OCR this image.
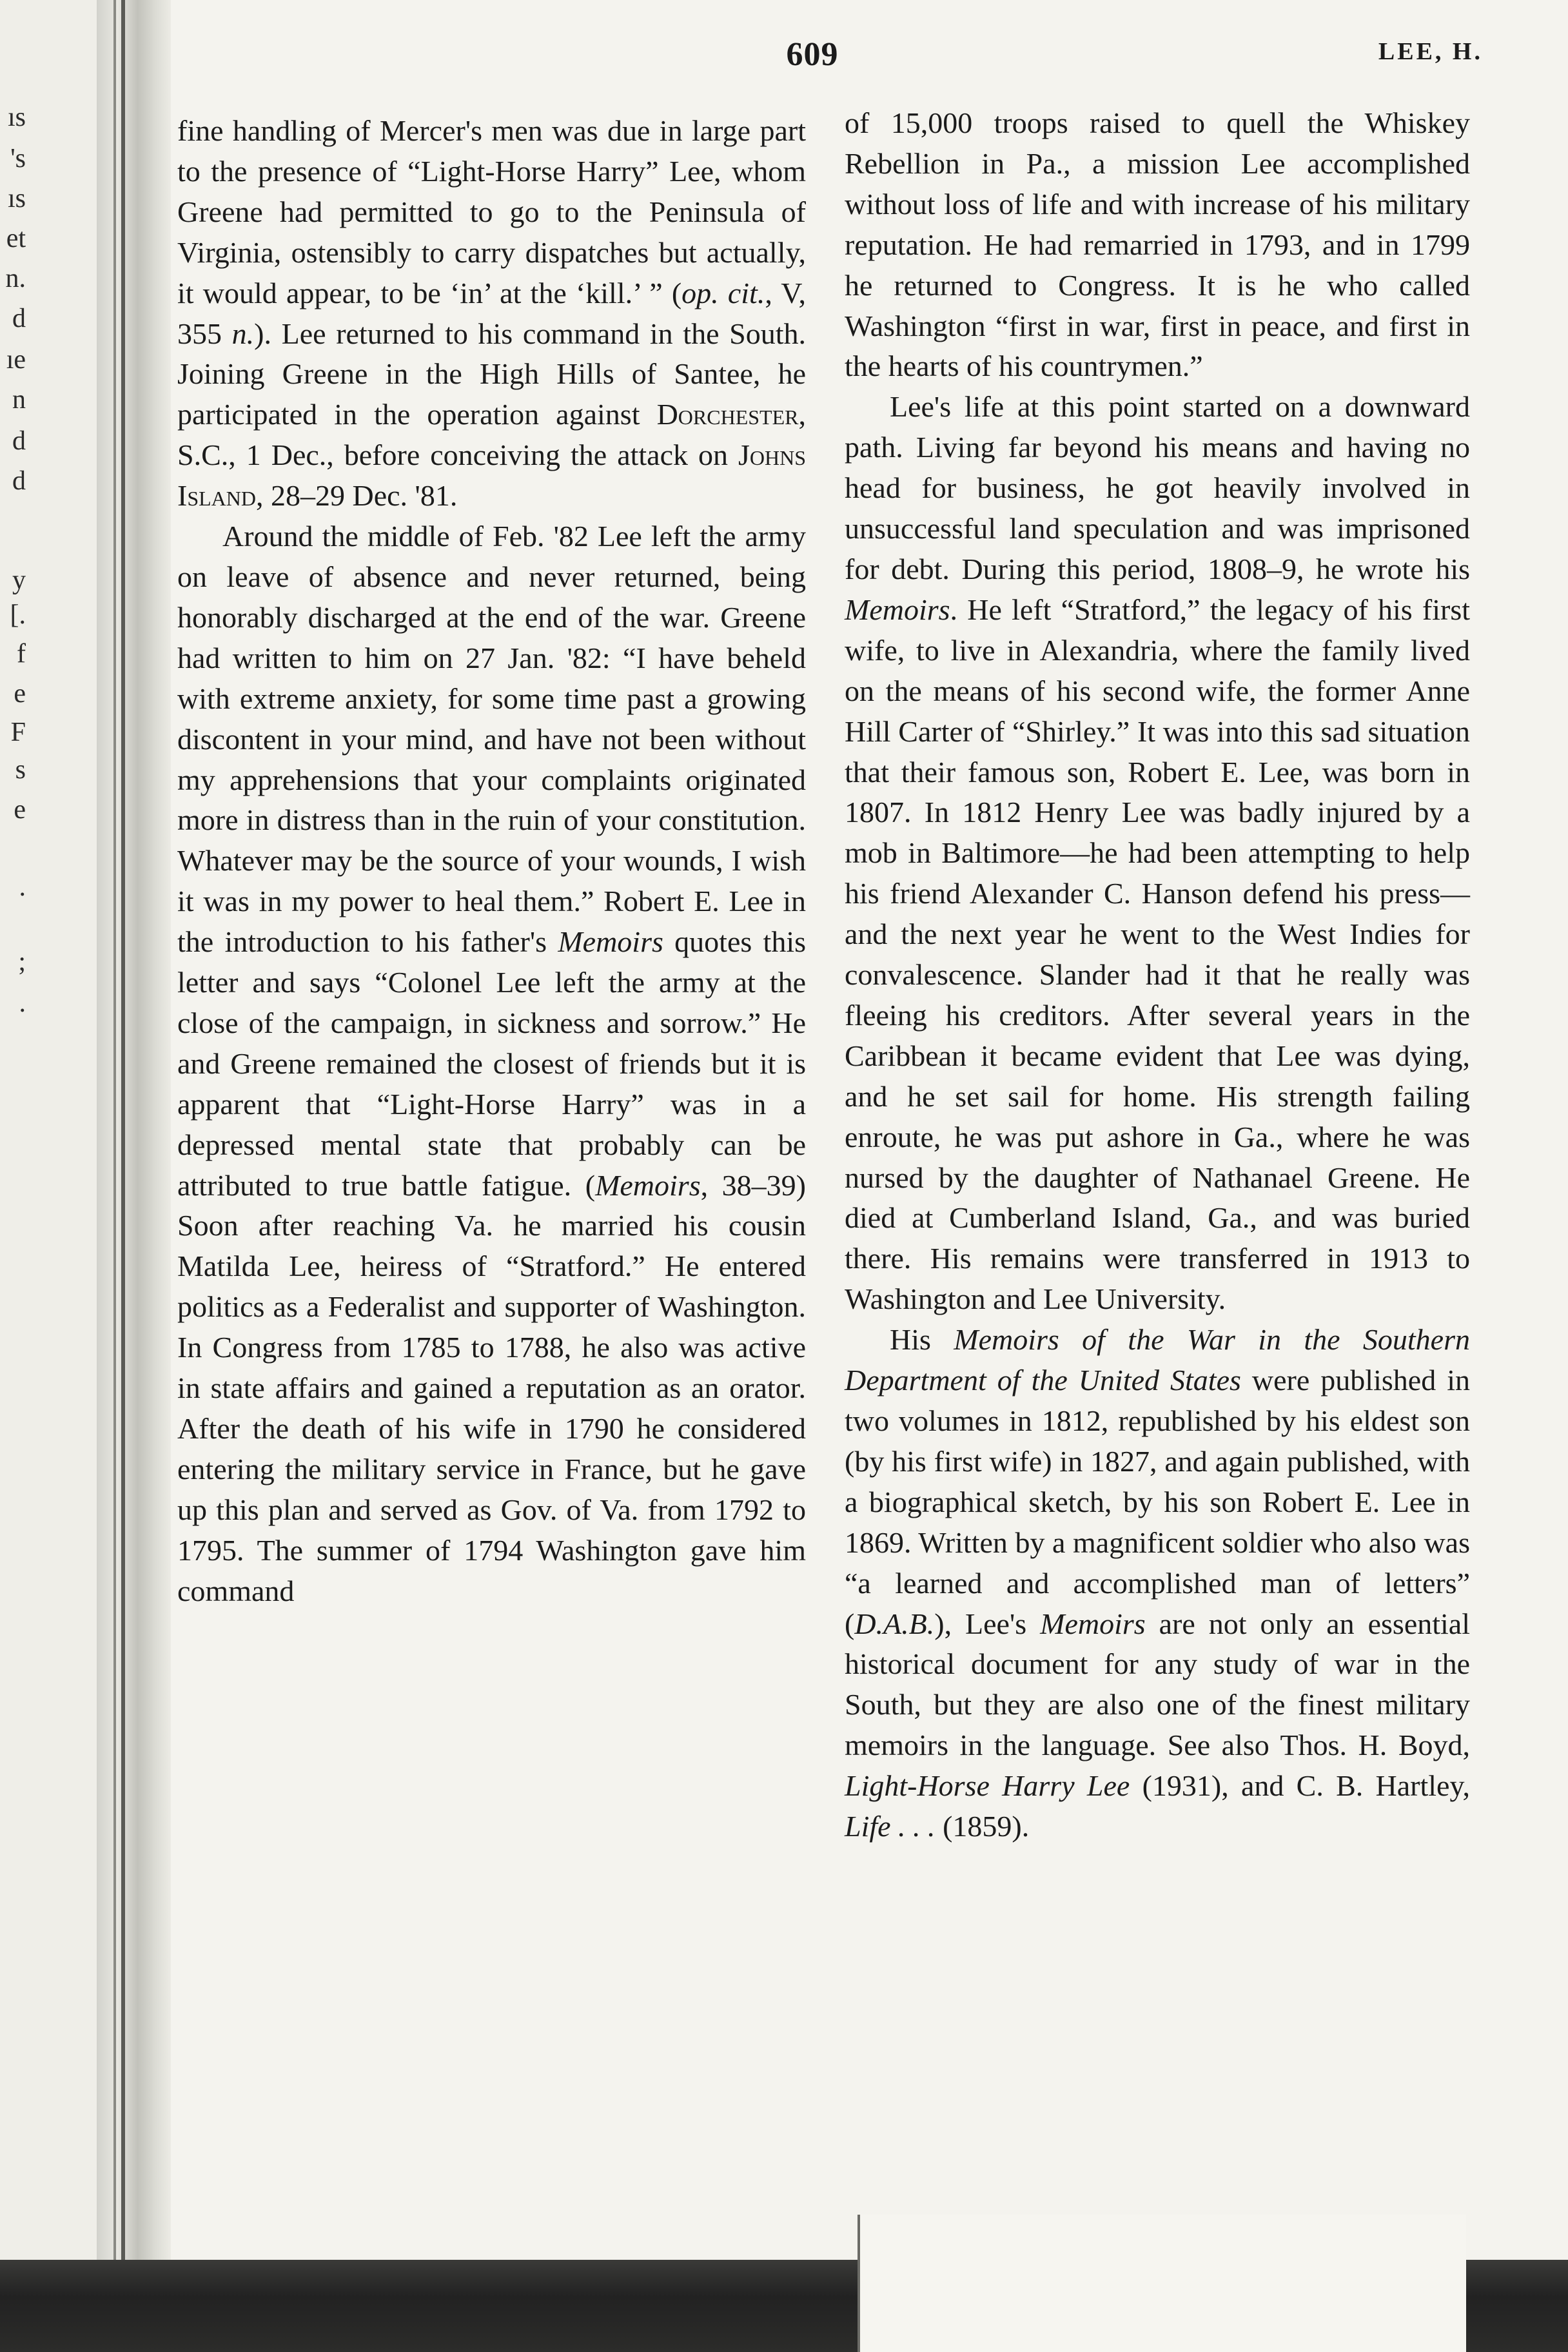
ıs
's
ıs
et
n.
d
ıe
n
d
d
y
[.
f
e
F
s
e
.
;
.
609	LEE, H.

fine handling of Mercer's men was due in large part to the presence of “Light-Horse Harry” Lee, whom Greene had permitted to go to the Peninsula of Virginia, ostensibly to carry dispatches but actually, it would appear, to be ‘in’ at the ‘kill.’ ” (op. cit., V, 355 n.). Lee returned to his command in the South. Joining Greene in the High Hills of Santee, he participated in the operation against Dorchester, S.C., 1 Dec., before conceiving the attack on Johns Island, 28–29 Dec. '81.

Around the middle of Feb. '82 Lee left the army on leave of absence and never returned, being honorably discharged at the end of the war. Greene had written to him on 27 Jan. '82: “I have beheld with extreme anxiety, for some time past a growing discontent in your mind, and have not been without my apprehensions that your complaints originated more in distress than in the ruin of your constitution. Whatever may be the source of your wounds, I wish it was in my power to heal them.” Robert E. Lee in the introduction to his father's Memoirs quotes this letter and says “Colonel Lee left the army at the close of the campaign, in sickness and sorrow.” He and Greene remained the closest of friends but it is apparent that “Light-Horse Harry” was in a depressed mental state that probably can be attributed to true battle fatigue. (Memoirs, 38–39) Soon after reaching Va. he married his cousin Matilda Lee, heiress of “Stratford.” He entered politics as a Federalist and supporter of Washington. In Congress from 1785 to 1788, he also was active in state affairs and gained a reputation as an orator. After the death of his wife in 1790 he considered entering the military service in France, but he gave up this plan and served as Gov. of Va. from 1792 to 1795. The summer of 1794 Washington gave him command

of 15,000 troops raised to quell the Whiskey Rebellion in Pa., a mission Lee accomplished without loss of life and with increase of his military reputation. He had remarried in 1793, and in 1799 he returned to Congress. It is he who called Washington “first in war, first in peace, and first in the hearts of his countrymen.”

Lee's life at this point started on a downward path. Living far beyond his means and having no head for business, he got heavily involved in unsuccessful land speculation and was imprisoned for debt. During this period, 1808–9, he wrote his Memoirs. He left “Stratford,” the legacy of his first wife, to live in Alexandria, where the family lived on the means of his second wife, the former Anne Hill Carter of “Shirley.” It was into this sad situation that their famous son, Robert E. Lee, was born in 1807. In 1812 Henry Lee was badly injured by a mob in Baltimore—he had been attempting to help his friend Alexander C. Hanson defend his press—and the next year he went to the West Indies for convalescence. Slander had it that he really was fleeing his creditors. After several years in the Caribbean it became evident that Lee was dying, and he set sail for home. His strength failing enroute, he was put ashore in Ga., where he was nursed by the daughter of Nathanael Greene. He died at Cumberland Island, Ga., and was buried there. His remains were transferred in 1913 to Washington and Lee University.

His Memoirs of the War in the Southern Department of the United States were published in two volumes in 1812, republished by his eldest son (by his first wife) in 1827, and again published, with a biographical sketch, by his son Robert E. Lee in 1869. Written by a magnificent soldier who also was “a learned and accomplished man of letters” (D.A.B.), Lee's Memoirs are not only an essential historical document for any study of war in the South, but they are also one of the finest military memoirs in the language. See also Thos. H. Boyd, Light-Horse Harry Lee (1931), and C. B. Hartley, Life . . . (1859).
